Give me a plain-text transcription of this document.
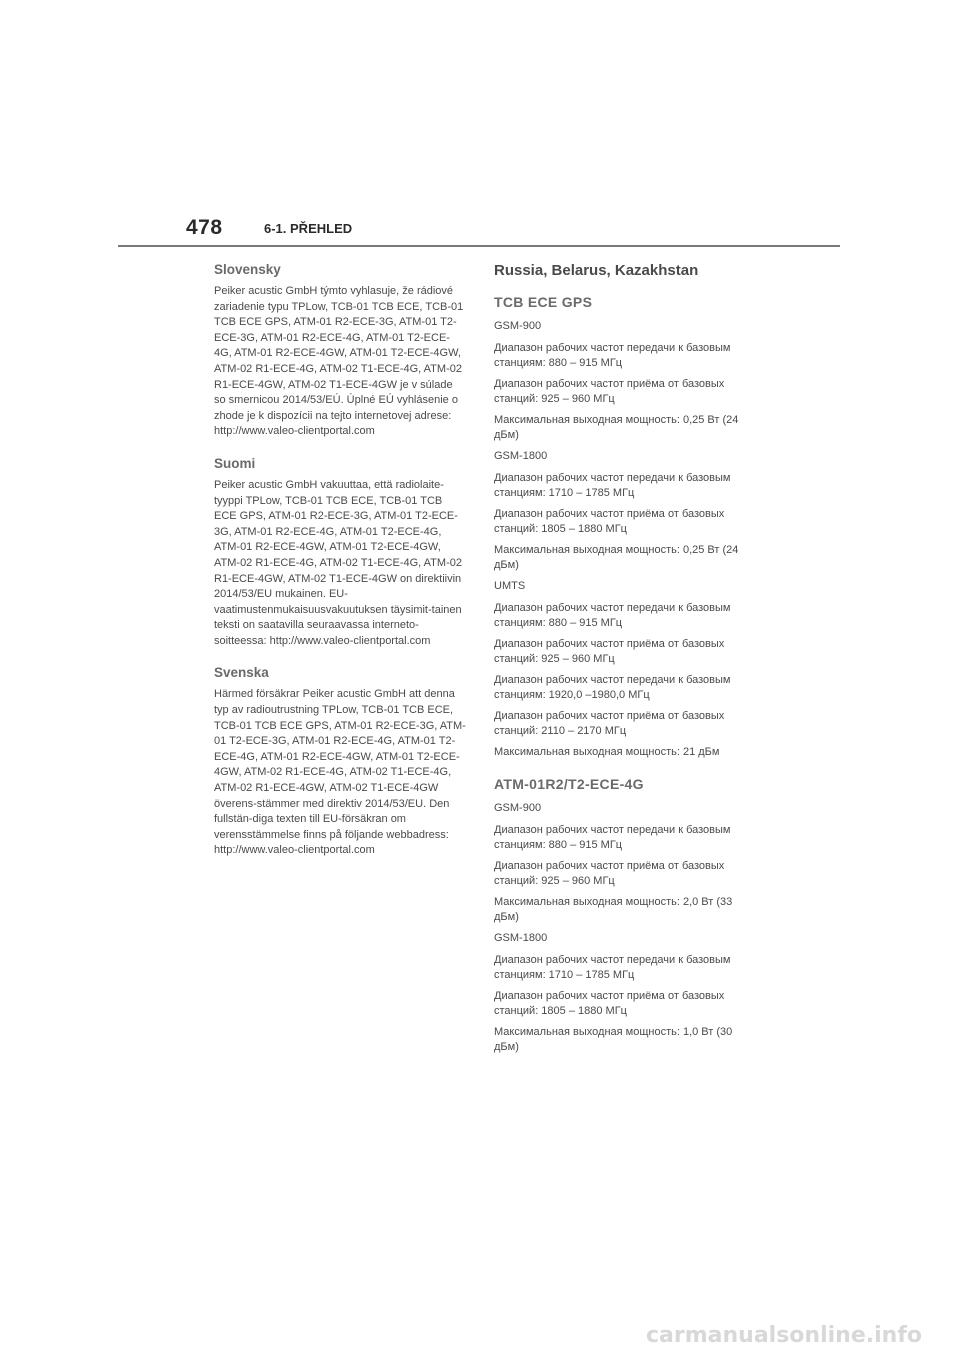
478	6-1. PŘEHLED
Slovensky
Peiker acustic GmbH týmto vyhlasuje, že rádiové zariadenie typu TPLow, TCB-01 TCB ECE, TCB-01 TCB ECE GPS, ATM-01 R2-ECE-3G, ATM-01 T2-ECE-3G, ATM-01 R2-ECE-4G, ATM-01 T2-ECE-4G, ATM-01 R2-ECE-4GW, ATM-01 T2-ECE-4GW, ATM-02 R1-ECE-4G, ATM-02 T1-ECE-4G, ATM-02 R1-ECE-4GW, ATM-02 T1-ECE-4GW je v súlade so smernicou 2014/53/EÚ. Úplné EÚ vyhlásenie o zhode je k dispozícii na tejto internetovej adrese: http://www.valeo-clientportal.com
Suomi
Peiker acustic GmbH vakuuttaa, että radiolaite-tyyppi TPLow, TCB-01 TCB ECE, TCB-01 TCB ECE GPS, ATM-01 R2-ECE-3G, ATM-01 T2-ECE-3G, ATM-01 R2-ECE-4G, ATM-01 T2-ECE-4G, ATM-01 R2-ECE-4GW, ATM-01 T2-ECE-4GW, ATM-02 R1-ECE-4G, ATM-02 T1-ECE-4G, ATM-02 R1-ECE-4GW, ATM-02 T1-ECE-4GW on direktiivin 2014/53/EU mukainen. EU-vaatimustenmukaisuusvakuutuksen täysimit-tainen teksti on saatavilla seuraavassa interneto-soitteessa: http://www.valeo-clientportal.com
Svenska
Härmed försäkrar Peiker acustic GmbH att denna typ av radioutrustning TPLow, TCB-01 TCB ECE, TCB-01 TCB ECE GPS, ATM-01 R2-ECE-3G, ATM-01 T2-ECE-3G, ATM-01 R2-ECE-4G, ATM-01 T2-ECE-4G, ATM-01 R2-ECE-4GW, ATM-01 T2-ECE-4GW, ATM-02 R1-ECE-4G, ATM-02 T1-ECE-4G, ATM-02 R1-ECE-4GW, ATM-02 T1-ECE-4GW överens-stämmer med direktiv 2014/53/EU. Den fullstän-diga texten till EU-försäkran om verensstämmelse finns på följande webbadress: http://www.valeo-clientportal.com
Russia, Belarus, Kazakhstan
TCB ECE GPS
GSM-900
Диапазон рабочих частот передачи к базовым станциям: 880 – 915 МГц
Диапазон рабочих частот приёма от базовых станций: 925 – 960 МГц
Максимальная выходная мощность: 0,25 Вт (24 дБм)
GSM-1800
Диапазон рабочих частот передачи к базовым станциям: 1710 – 1785 МГц
Диапазон рабочих частот приёма от базовых станций: 1805 – 1880 МГц
Максимальная выходная мощность: 0,25 Вт (24 дБм)
UMTS
Диапазон рабочих частот передачи к базовым станциям: 880 – 915 МГц
Диапазон рабочих частот приёма от базовых станций: 925 – 960 МГц
Диапазон рабочих частот передачи к базовым станциям: 1920,0 –1980,0 МГц
Диапазон рабочих частот приёма от базовых станций: 2110 – 2170 МГц
Максимальная выходная мощность: 21 дБм
ATM-01R2/T2-ECE-4G
GSM-900
Диапазон рабочих частот передачи к базовым станциям: 880 – 915 МГц
Диапазон рабочих частот приёма от базовых станций: 925 – 960 МГц
Максимальная выходная мощность: 2,0 Вт (33 дБм)
GSM-1800
Диапазон рабочих частот передачи к базовым станциям: 1710 – 1785 МГц
Диапазон рабочих частот приёма от базовых станций: 1805 – 1880 МГц
Максимальная выходная мощность: 1,0 Вт (30 дБм)
carmanualsonline.info
